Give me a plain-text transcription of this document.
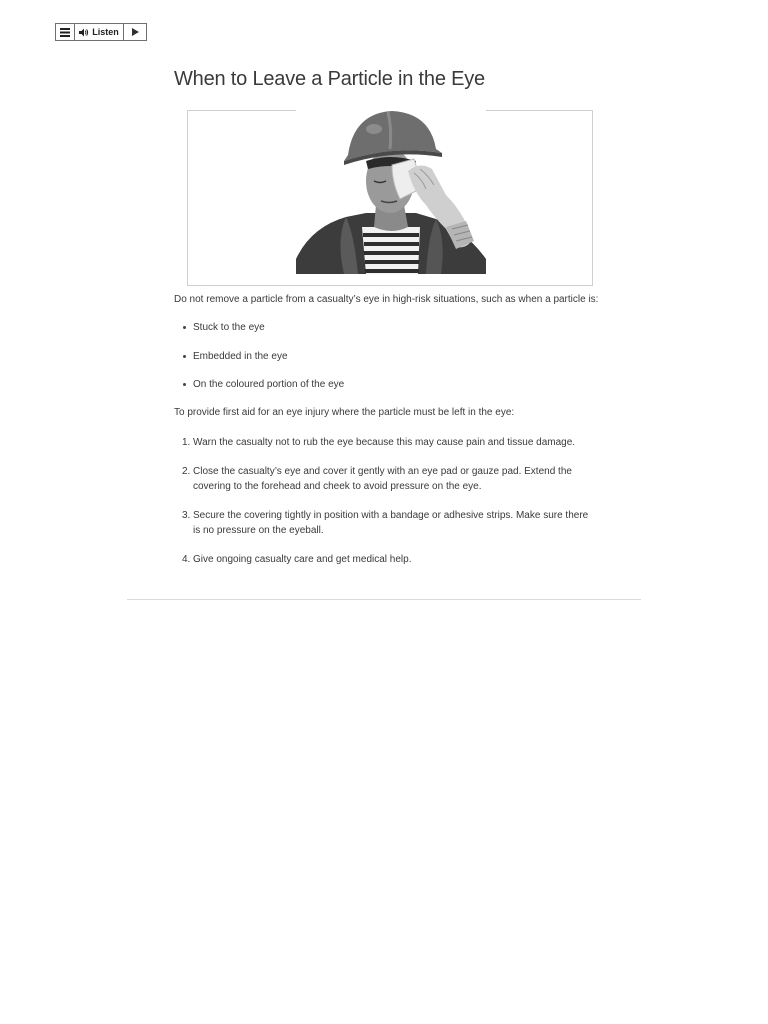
Listen
When to Leave a Particle in the Eye

Do not remove a particle from a casualty’s eye in high-risk situations, such as when a particle is:

Stuck to the eye
Embedded in the eye
On the coloured portion of the eye

To provide first aid for an eye injury where the particle must be left in the eye:

1. Warn the casualty not to rub the eye because this may cause pain and tissue damage.
2. Close the casualty’s eye and cover it gently with an eye pad or gauze pad. Extend the covering to the forehead and cheek to avoid pressure on the eye.
3. Secure the covering tightly in position with a bandage or adhesive strips. Make sure there is no pressure on the eyeball.
4. Give ongoing casualty care and get medical help.
